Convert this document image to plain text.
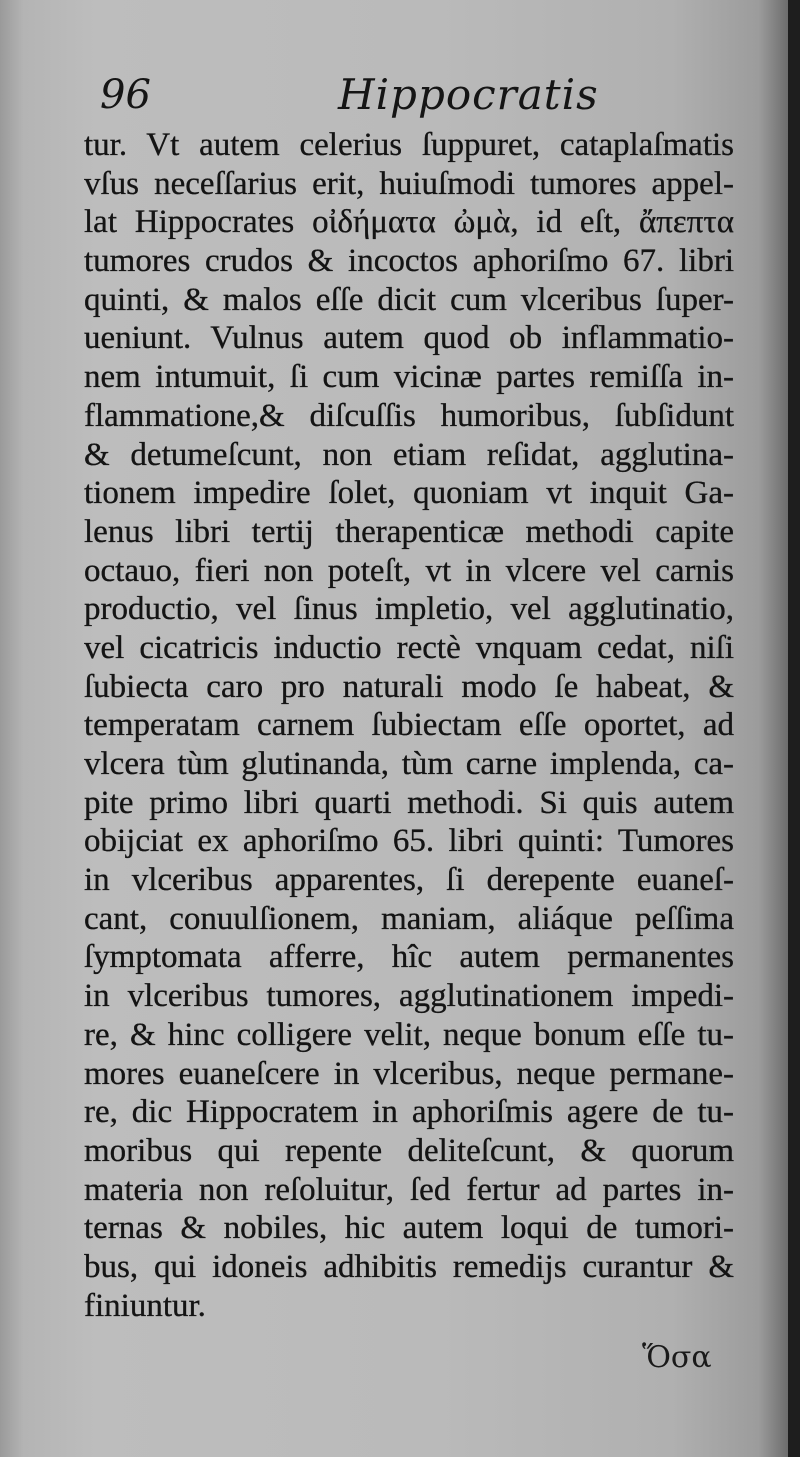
96	Hippocratis
tur. Vt autem celerius ſuppuret, cataplaſmatis
vſus neceſſarius erit, huiuſmodi tumores appel-
lat Hippocrates οἰδήματα ὠμὰ, id eſt, ἄπεπτα
tumores crudos & incoctos aphoriſmo 67. libri
quinti, & malos eſſe dicit cum vlceribus ſuper-
ueniunt. Vulnus autem quod ob inflammatio-
nem intumuit, ſi cum vicinæ partes remiſſa in-
flammatione,& diſcuſſis humoribus, ſubſidunt
& detumeſcunt, non etiam reſidat, agglutina-
tionem impedire ſolet, quoniam vt inquit Ga-
lenus libri tertij therapenticæ methodi capite
octauo, fieri non poteſt, vt in vlcere vel carnis
productio, vel ſinus impletio, vel agglutinatio,
vel cicatricis inductio rectè vnquam cedat, niſi
ſubiecta caro pro naturali modo ſe habeat, &
temperatam carnem ſubiectam eſſe oportet, ad
vlcera tùm glutinanda, tùm carne implenda, ca-
pite primo libri quarti methodi. Si quis autem
obijciat ex aphoriſmo 65. libri quinti: Tumores
in vlceribus apparentes, ſi derepente euaneſ-
cant, conuulſionem, maniam, aliáque peſſima
ſymptomata afferre, hîc autem permanentes
in vlceribus tumores, agglutinationem impedi-
re, & hinc colligere velit, neque bonum eſſe tu-
mores euaneſcere in vlceribus, neque permane-
re, dic Hippocratem in aphoriſmis agere de tu-
moribus qui repente deliteſcunt, & quorum
materia non reſoluitur, ſed fertur ad partes in-
ternas & nobiles, hic autem loqui de tumori-
bus, qui idoneis adhibitis remedijs curantur &
finiuntur.
Ὅσα
